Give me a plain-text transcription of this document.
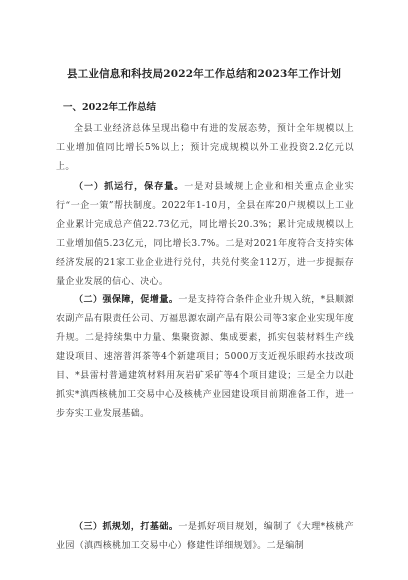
县工业信息和科技局2022年工作总结和2023年工作计划
一、2022年工作总结
全县工业经济总体呈现出稳中有进的发展态势，预计全年规模以上工业增加值同比增长5%以上；预计完成规模以外工业投资2.2亿元以上。
（一）抓运行，保存量。一是对县域规上企业和相关重点企业实行“一企一策”帮扶制度。2022年1-10月，全县在库20户规模以上工业企业累计完成总产值22.73亿元，同比增长20.3%；累计完成规模以上工业增加值5.23亿元，同比增长3.7%。二是对2021年度符合支持实体经济发展的21家工业企业进行兑付，共兑付奖金112万，进一步提振存量企业发展的信心、决心。
（二）强保障，促增量。一是支持符合条件企业升规入统，*县顺源农副产品有限责任公司、万福思源农副产品有限公司等3家企业实现年度升规。二是持续集中力量、集聚资源、集成要素，抓实包装材料生产线建设项目、速溶普洱茶等4个新建项目；5000万支近视乐眼药水技改项目、*县雷村普通建筑材料用灰岩矿采矿等4个项目建设；三是全力以赴抓实*滇西核桃加工交易中心及核桃产业园建设项目前期准备工作，进一步夯实工业发展基础。
（三）抓规划，打基础。一是抓好项目规划，编制了《大理*核桃产业园（滇西核桃加工交易中心）修建性详细规划》。二是编制
